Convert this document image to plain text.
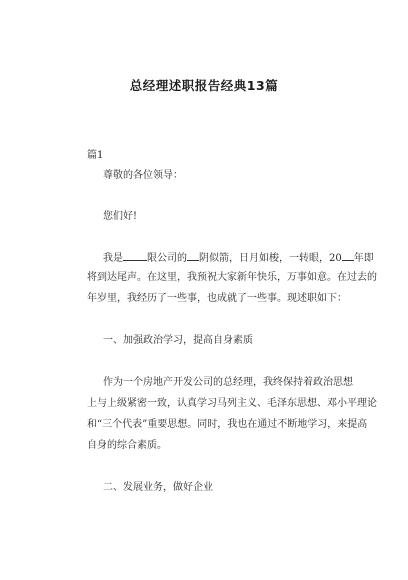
总经理述职报告经典13篇
篇1
尊敬的各位领导：
您们好!
我是 限公司的 阴似箭，日月如梭，一转眼，20 年即
将到达尾声。在这里，我预祝大家新年快乐，万事如意。在过去的
年岁里，我经历了一些事，也成就了一些事。现述职如下：
一、加强政治学习，提高自身素质
作为一个房地产开发公司的总经理，我终保持着政治思想
上与上级紧密一致，认真学习马列主义、毛泽东思想、邓小平理论
和“三个代表”重要思想。同时，我也在通过不断地学习，来提高
自身的综合素质。
二、发展业务，做好企业
